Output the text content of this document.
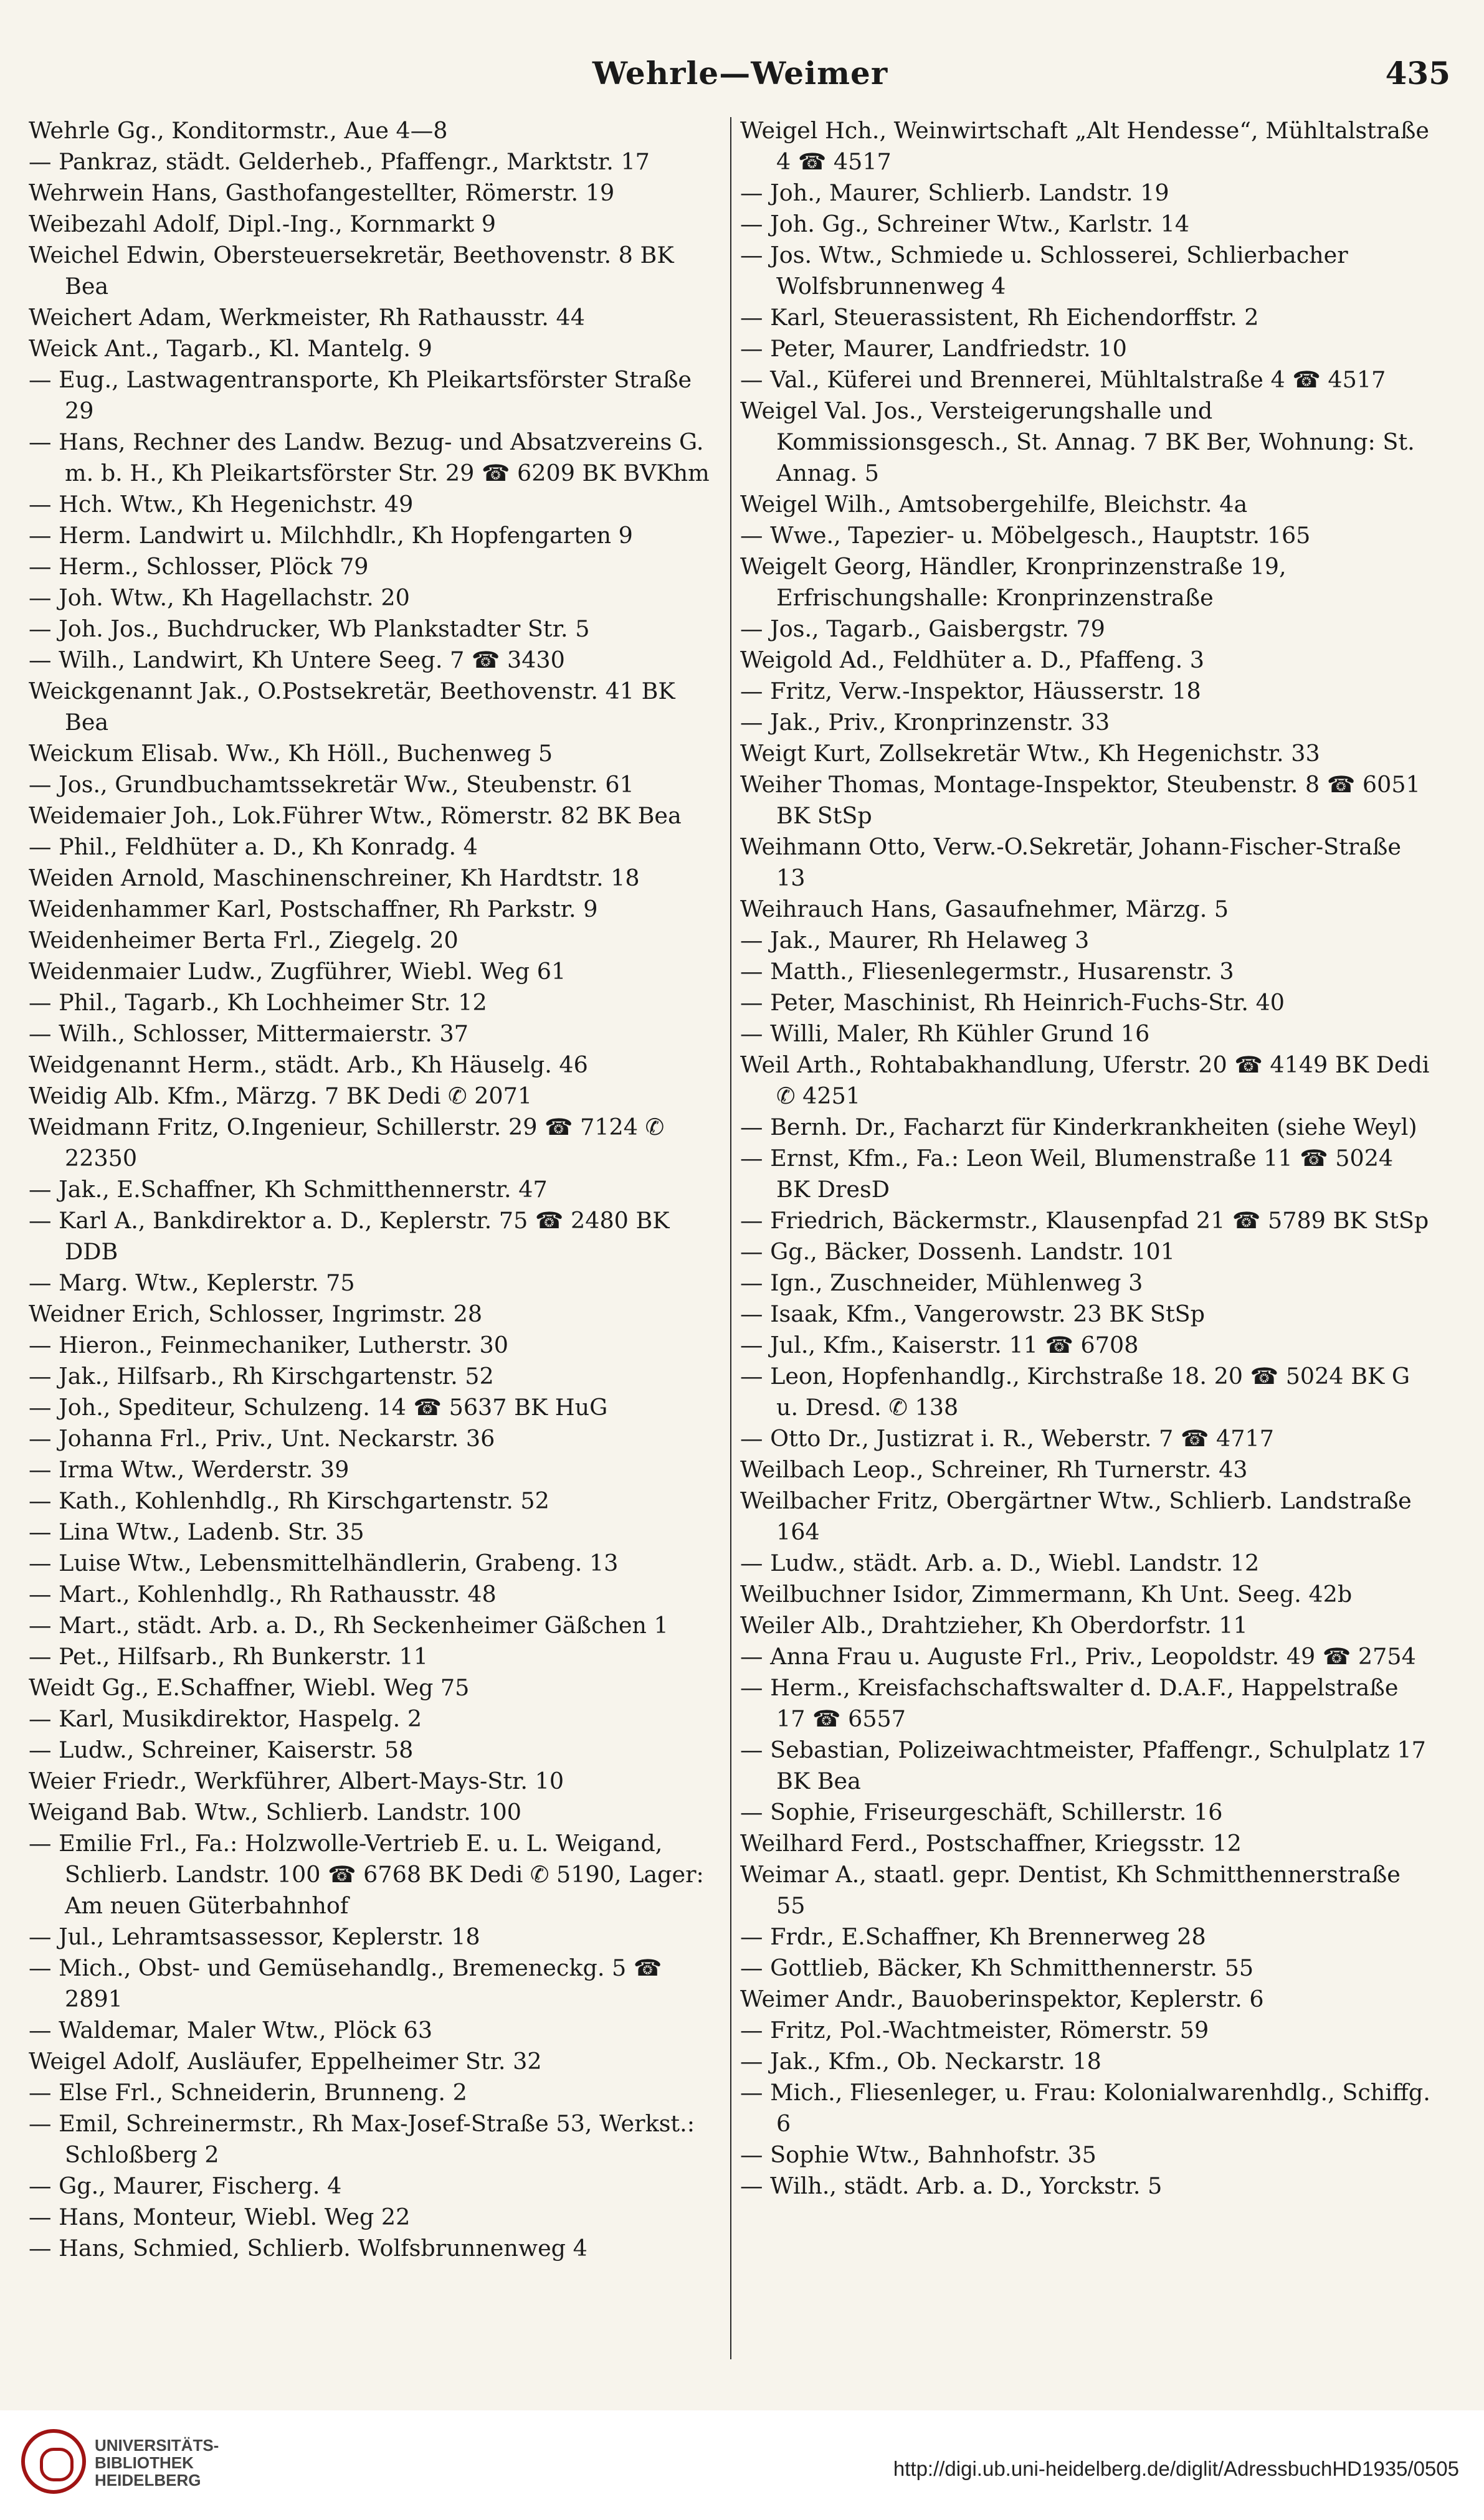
Wehrle—Weimer	435
Wehrle Gg., Konditormstr., Aue 4—8
— Pankraz, städt. Gelderheb., Pfaffengr., Marktstr. 17
Wehrwein Hans, Gasthofangestellter, Römerstr. 19
Weibezahl Adolf, Dipl.-Ing., Kornmarkt 9
Weichel Edwin, Obersteuersekretär, Beethovenstr. 8 BK Bea
Weichert Adam, Werkmeister, Rh Rathausstr. 44
Weick Ant., Tagarb., Kl. Mantelg. 9
— Eug., Lastwagentransporte, Kh Pleikartsförster Straße 29
— Hans, Rechner des Landw. Bezug- und Absatzvereins G. m. b. H., Kh Pleikartsförster Str. 29 ☎ 6209 BK BVKhm
— Hch. Wtw., Kh Hegenichstr. 49
— Herm. Landwirt u. Milchhdlr., Kh Hopfengarten 9
— Herm., Schlosser, Plöck 79
— Joh. Wtw., Kh Hagellachstr. 20
— Joh. Jos., Buchdrucker, Wb Plankstadter Str. 5
— Wilh., Landwirt, Kh Untere Seeg. 7 ☎ 3430
Weickgenannt Jak., O.Postsekretär, Beethovenstr. 41 BK Bea
Weickum Elisab. Ww., Kh Höll., Buchenweg 5
— Jos., Grundbuchamtssekretär Ww., Steubenstr. 61
Weidemaier Joh., Lok.Führer Wtw., Römerstr. 82 BK Bea
— Phil., Feldhüter a. D., Kh Konradg. 4
Weiden Arnold, Maschinenschreiner, Kh Hardtstr. 18
Weidenhammer Karl, Postschaffner, Rh Parkstr. 9
Weidenheimer Berta Frl., Ziegelg. 20
Weidenmaier Ludw., Zugführer, Wiebl. Weg 61
— Phil., Tagarb., Kh Lochheimer Str. 12
— Wilh., Schlosser, Mittermaierstr. 37
Weidgenannt Herm., städt. Arb., Kh Häuselg. 46
Weidig Alb. Kfm., Märzg. 7 BK Dedi ✆ 2071
Weidmann Fritz, O.Ingenieur, Schillerstr. 29 ☎ 7124 ✆ 22350
— Jak., E.Schaffner, Kh Schmitthennerstr. 47
— Karl A., Bankdirektor a. D., Keplerstr. 75 ☎ 2480 BK DDB
— Marg. Wtw., Keplerstr. 75
Weidner Erich, Schlosser, Ingrimstr. 28
— Hieron., Feinmechaniker, Lutherstr. 30
— Jak., Hilfsarb., Rh Kirschgartenstr. 52
— Joh., Spediteur, Schulzeng. 14 ☎ 5637 BK HuG
— Johanna Frl., Priv., Unt. Neckarstr. 36
— Irma Wtw., Werderstr. 39
— Kath., Kohlenhdlg., Rh Kirschgartenstr. 52
— Lina Wtw., Ladenb. Str. 35
— Luise Wtw., Lebensmittelhändlerin, Grabeng. 13
— Mart., Kohlenhdlg., Rh Rathausstr. 48
— Mart., städt. Arb. a. D., Rh Seckenheimer Gäßchen 1
— Pet., Hilfsarb., Rh Bunkerstr. 11
Weidt Gg., E.Schaffner, Wiebl. Weg 75
— Karl, Musikdirektor, Haspelg. 2
— Ludw., Schreiner, Kaiserstr. 58
Weier Friedr., Werkführer, Albert-Mays-Str. 10
Weigand Bab. Wtw., Schlierb. Landstr. 100
— Emilie Frl., Fa.: Holzwolle-Vertrieb E. u. L. Weigand, Schlierb. Landstr. 100 ☎ 6768 BK Dedi ✆ 5190, Lager: Am neuen Güterbahnhof
— Jul., Lehramtsassessor, Keplerstr. 18
— Mich., Obst- und Gemüsehandlg., Bremeneckg. 5 ☎ 2891
— Waldemar, Maler Wtw., Plöck 63
Weigel Adolf, Ausläufer, Eppelheimer Str. 32
— Else Frl., Schneiderin, Brunneng. 2
— Emil, Schreinermstr., Rh Max-Josef-Straße 53, Werkst.: Schloßberg 2
— Gg., Maurer, Fischerg. 4
— Hans, Monteur, Wiebl. Weg 22
— Hans, Schmied, Schlierb. Wolfsbrunnenweg 4
Weigel Hch., Weinwirtschaft „Alt Hendesse“, Mühltalstraße 4 ☎ 4517
— Joh., Maurer, Schlierb. Landstr. 19
— Joh. Gg., Schreiner Wtw., Karlstr. 14
— Jos. Wtw., Schmiede u. Schlosserei, Schlierbacher Wolfsbrunnenweg 4
— Karl, Steuerassistent, Rh Eichendorffstr. 2
— Peter, Maurer, Landfriedstr. 10
— Val., Küferei und Brennerei, Mühltalstraße 4 ☎ 4517
Weigel Val. Jos., Versteigerungshalle und Kommissionsgesch., St. Annag. 7 BK Ber, Wohnung: St. Annag. 5
Weigel Wilh., Amtsobergehilfe, Bleichstr. 4a
— Wwe., Tapezier- u. Möbelgesch., Hauptstr. 165
Weigelt Georg, Händler, Kronprinzenstraße 19, Erfrischungshalle: Kronprinzenstraße
— Jos., Tagarb., Gaisbergstr. 79
Weigold Ad., Feldhüter a. D., Pfaffeng. 3
— Fritz, Verw.-Inspektor, Häusserstr. 18
— Jak., Priv., Kronprinzenstr. 33
Weigt Kurt, Zollsekretär Wtw., Kh Hegenichstr. 33
Weiher Thomas, Montage-Inspektor, Steubenstr. 8 ☎ 6051 BK StSp
Weihmann Otto, Verw.-O.Sekretär, Johann-Fischer-Straße 13
Weihrauch Hans, Gasaufnehmer, Märzg. 5
— Jak., Maurer, Rh Helaweg 3
— Matth., Fliesenlegermstr., Husarenstr. 3
— Peter, Maschinist, Rh Heinrich-Fuchs-Str. 40
— Willi, Maler, Rh Kühler Grund 16
Weil Arth., Rohtabakhandlung, Uferstr. 20 ☎ 4149 BK Dedi ✆ 4251
— Bernh. Dr., Facharzt für Kinderkrankheiten (siehe Weyl)
— Ernst, Kfm., Fa.: Leon Weil, Blumenstraße 11 ☎ 5024 BK DresD
— Friedrich, Bäckermstr., Klausenpfad 21 ☎ 5789 BK StSp
— Gg., Bäcker, Dossenh. Landstr. 101
— Ign., Zuschneider, Mühlenweg 3
— Isaak, Kfm., Vangerowstr. 23 BK StSp
— Jul., Kfm., Kaiserstr. 11 ☎ 6708
— Leon, Hopfenhandlg., Kirchstraße 18. 20 ☎ 5024 BK G u. Dresd. ✆ 138
— Otto Dr., Justizrat i. R., Weberstr. 7 ☎ 4717
Weilbach Leop., Schreiner, Rh Turnerstr. 43
Weilbacher Fritz, Obergärtner Wtw., Schlierb. Landstraße 164
— Ludw., städt. Arb. a. D., Wiebl. Landstr. 12
Weilbuchner Isidor, Zimmermann, Kh Unt. Seeg. 42b
Weiler Alb., Drahtzieher, Kh Oberdorfstr. 11
— Anna Frau u. Auguste Frl., Priv., Leopoldstr. 49 ☎ 2754
— Herm., Kreisfachschaftswalter d. D.A.F., Happelstraße 17 ☎ 6557
— Sebastian, Polizeiwachtmeister, Pfaffengr., Schulplatz 17 BK Bea
— Sophie, Friseurgeschäft, Schillerstr. 16
Weilhard Ferd., Postschaffner, Kriegsstr. 12
Weimar A., staatl. gepr. Dentist, Kh Schmitthennerstraße 55
— Frdr., E.Schaffner, Kh Brennerweg 28
— Gottlieb, Bäcker, Kh Schmitthennerstr. 55
Weimer Andr., Bauoberinspektor, Keplerstr. 6
— Fritz, Pol.-Wachtmeister, Römerstr. 59
— Jak., Kfm., Ob. Neckarstr. 18
— Mich., Fliesenleger, u. Frau: Kolonialwarenhdlg., Schiffg. 6
— Sophie Wtw., Bahnhofstr. 35
— Wilh., städt. Arb. a. D., Yorckstr. 5
UNIVERSITÄTS-
BIBLIOTHEK
HEIDELBERG	http://digi.ub.uni-heidelberg.de/diglit/AdressbuchHD1935/0505
